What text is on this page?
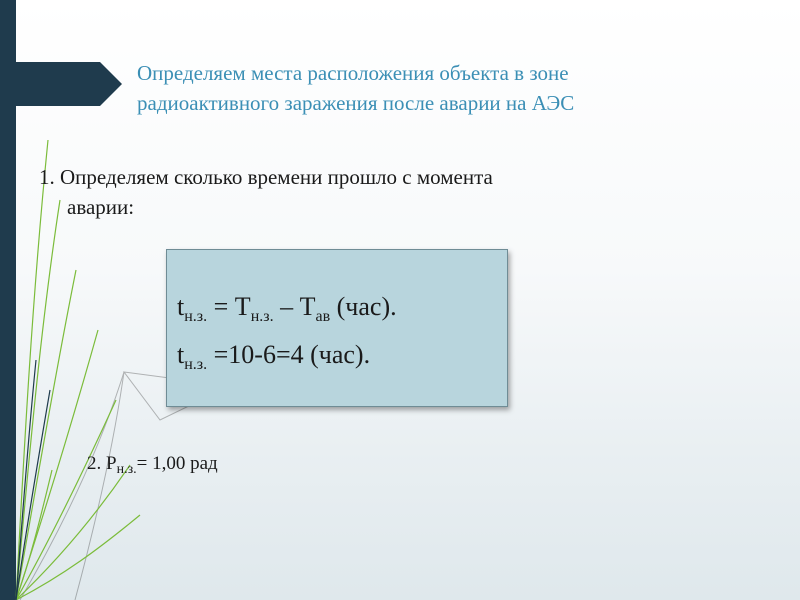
Определяем места расположения объекта в зоне
радиоактивного заражения после аварии на АЭС
1. Определяем сколько времени прошло с момента
аварии:
$t_{н.з.} = Т_{н.з.} - Т_{ав}$ (час).
$t_{н.з.} =10-6=4$ (час).
2. $Р_{н.з.}= 1,00$ рад
